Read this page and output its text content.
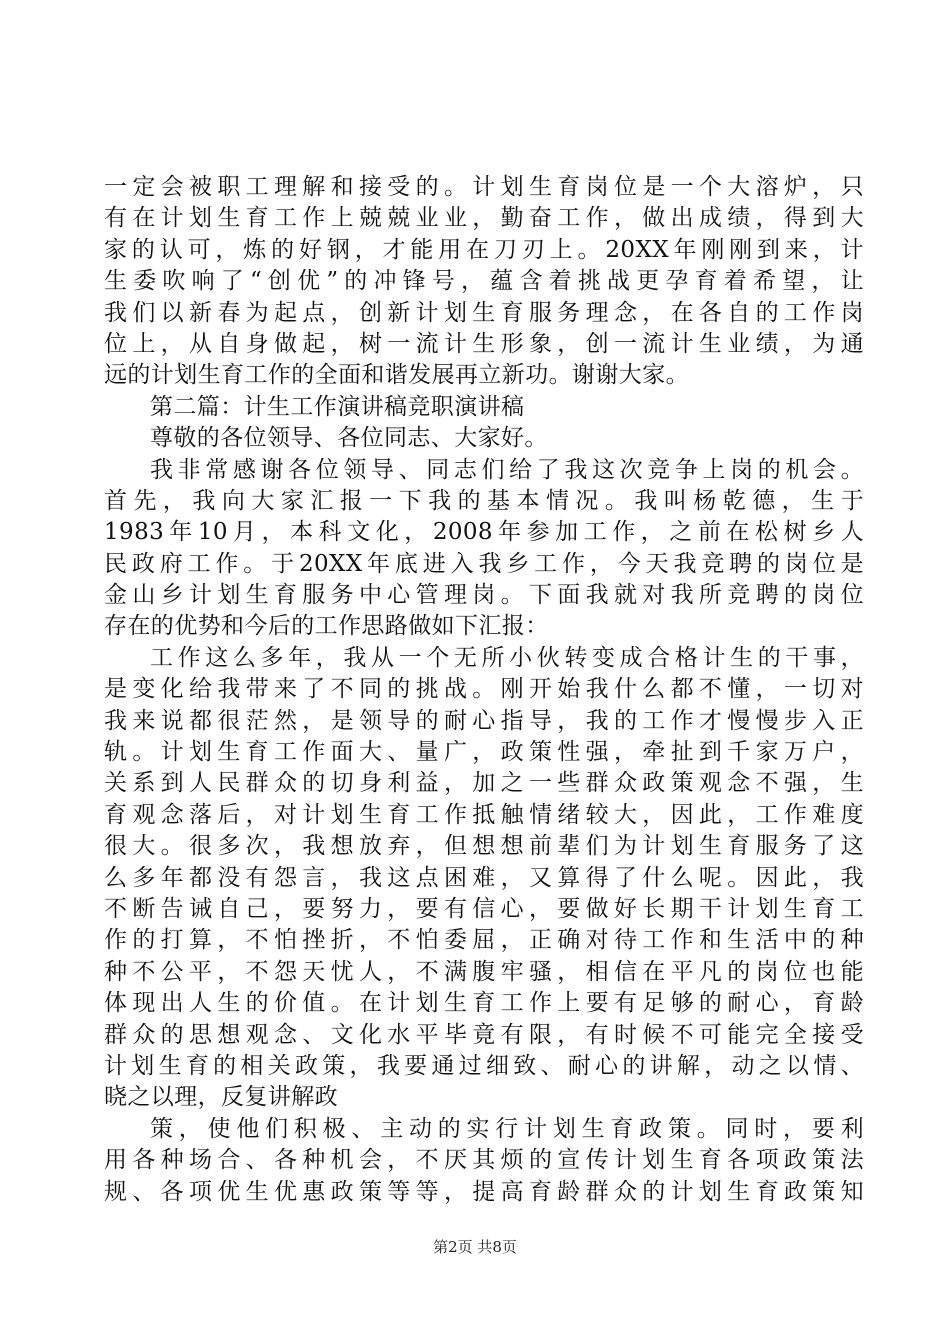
一定会被职工理解和接受的。计划生育岗位是一个大溶炉，只
有在计划生育工作上兢兢业业，勤奋工作，做出成绩，得到大
家的认可，炼的好钢，才能用在刀刃上。20XX年刚刚到来，计
生委吹响了“创优”的冲锋号，蕴含着挑战更孕育着希望，让
我们以新春为起点，创新计划生育服务理念，在各自的工作岗
位上，从自身做起，树一流计生形象，创一流计生业绩，为通
远的计划生育工作的全面和谐发展再立新功。谢谢大家。
第二篇：计生工作演讲稿竞职演讲稿
尊敬的各位领导、各位同志、大家好。
我非常感谢各位领导、同志们给了我这次竞争上岗的机会。
首先，我向大家汇报一下我的基本情况。我叫杨乾德，生于
1983年10月，本科文化，2008年参加工作，之前在松树乡人
民政府工作。于20XX年底进入我乡工作，今天我竞聘的岗位是
金山乡计划生育服务中心管理岗。下面我就对我所竞聘的岗位
存在的优势和今后的工作思路做如下汇报：
工作这么多年，我从一个无所小伙转变成合格计生的干事，
是变化给我带来了不同的挑战。刚开始我什么都不懂，一切对
我来说都很茫然，是领导的耐心指导，我的工作才慢慢步入正
轨。计划生育工作面大、量广，政策性强，牵扯到千家万户，
关系到人民群众的切身利益，加之一些群众政策观念不强，生
育观念落后，对计划生育工作抵触情绪较大，因此，工作难度
很大。很多次，我想放弃，但想想前辈们为计划生育服务了这
么多年都没有怨言，我这点困难，又算得了什么呢。因此，我
不断告诫自己，要努力，要有信心，要做好长期干计划生育工
作的打算，不怕挫折，不怕委屈，正确对待工作和生活中的种
种不公平，不怨天忧人，不满腹牢骚，相信在平凡的岗位也能
体现出人生的价值。在计划生育工作上要有足够的耐心，育龄
群众的思想观念、文化水平毕竟有限，有时候不可能完全接受
计划生育的相关政策，我要通过细致、耐心的讲解，动之以情、
晓之以理，反复讲解政
策，使他们积极、主动的实行计划生育政策。同时，要利
用各种场合、各种机会，不厌其烦的宣传计划生育各项政策法
规、各项优生优惠政策等等，提高育龄群众的计划生育政策知
第2页 共8页
